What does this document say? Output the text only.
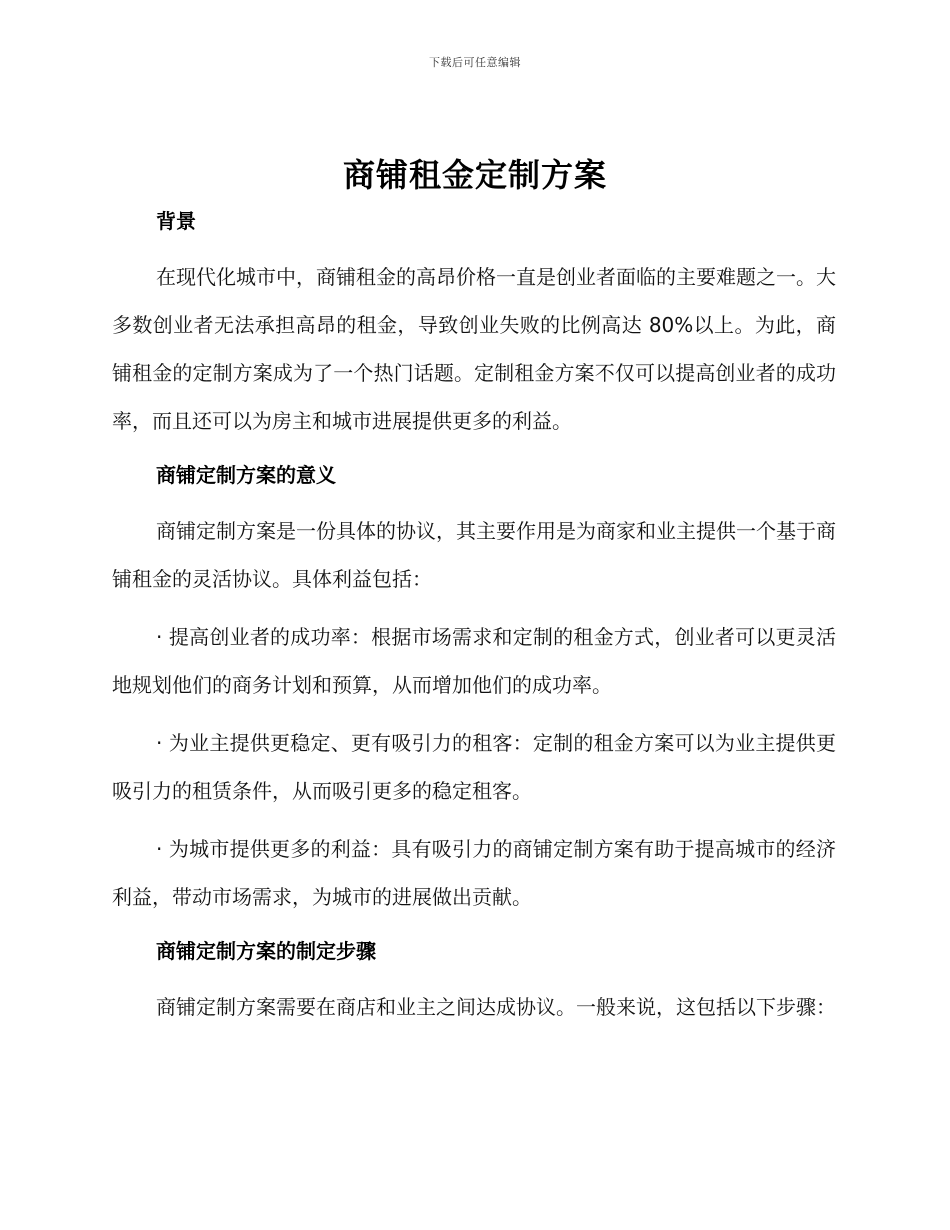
下载后可任意编辑
商铺租金定制方案
背景

在现代化城市中，商铺租金的高昂价格一直是创业者面临的主要难题之一。大多数创业者无法承担高昂的租金，导致创业失败的比例高达 80%以上。为此，商铺租金的定制方案成为了一个热门话题。定制租金方案不仅可以提高创业者的成功率，而且还可以为房主和城市进展提供更多的利益。

商铺定制方案的意义

商铺定制方案是一份具体的协议，其主要作用是为商家和业主提供一个基于商铺租金的灵活协议。具体利益包括：

· 提高创业者的成功率：根据市场需求和定制的租金方式，创业者可以更灵活地规划他们的商务计划和预算，从而增加他们的成功率。

· 为业主提供更稳定、更有吸引力的租客：定制的租金方案可以为业主提供更吸引力的租赁条件，从而吸引更多的稳定租客。

· 为城市提供更多的利益：具有吸引力的商铺定制方案有助于提高城市的经济利益，带动市场需求，为城市的进展做出贡献。

商铺定制方案的制定步骤

商铺定制方案需要在商店和业主之间达成协议。一般来说，这包括以下步骤：
